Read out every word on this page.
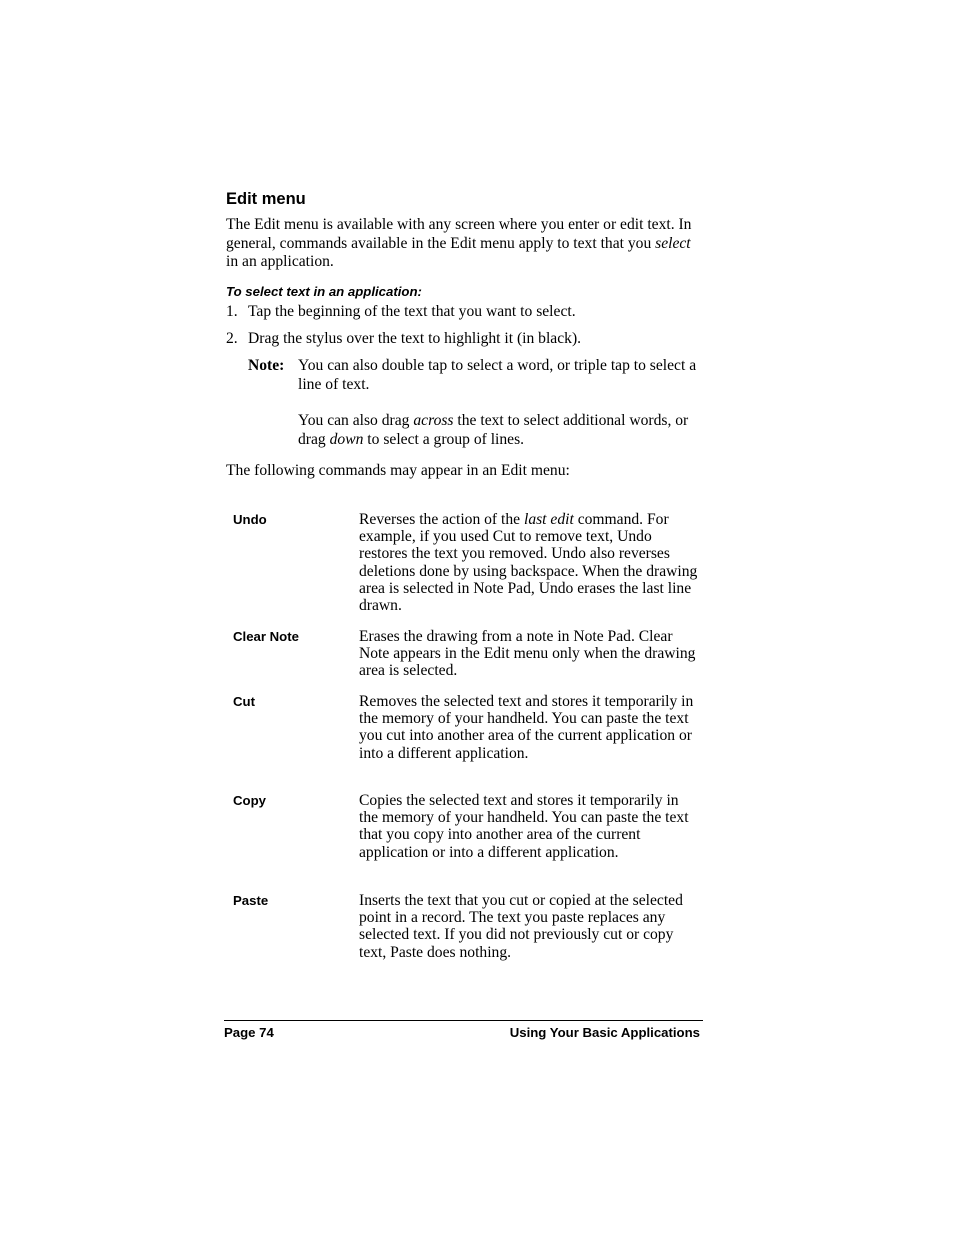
Edit menu

The Edit menu is available with any screen where you enter or edit text. In general, commands available in the Edit menu apply to text that you select in an application.

To select text in an application:
1. Tap the beginning of the text that you want to select.
2. Drag the stylus over the text to highlight it (in black).
Note: You can also double tap to select a word, or triple tap to select a line of text.

You can also drag across the text to select additional words, or drag down to select a group of lines.

The following commands may appear in an Edit menu:

Undo	Reverses the action of the last edit command. For example, if you used Cut to remove text, Undo restores the text you removed. Undo also reverses deletions done by using backspace. When the drawing area is selected in Note Pad, Undo erases the last line drawn.

Clear Note	Erases the drawing from a note in Note Pad. Clear Note appears in the Edit menu only when the drawing area is selected.

Cut	Removes the selected text and stores it temporarily in the memory of your handheld. You can paste the text you cut into another area of the current application or into a different application.

Copy	Copies the selected text and stores it temporarily in the memory of your handheld. You can paste the text that you copy into another area of the current application or into a different application.

Paste	Inserts the text that you cut or copied at the selected point in a record. The text you paste replaces any selected text. If you did not previously cut or copy text, Paste does nothing.

Page 74	Using Your Basic Applications
